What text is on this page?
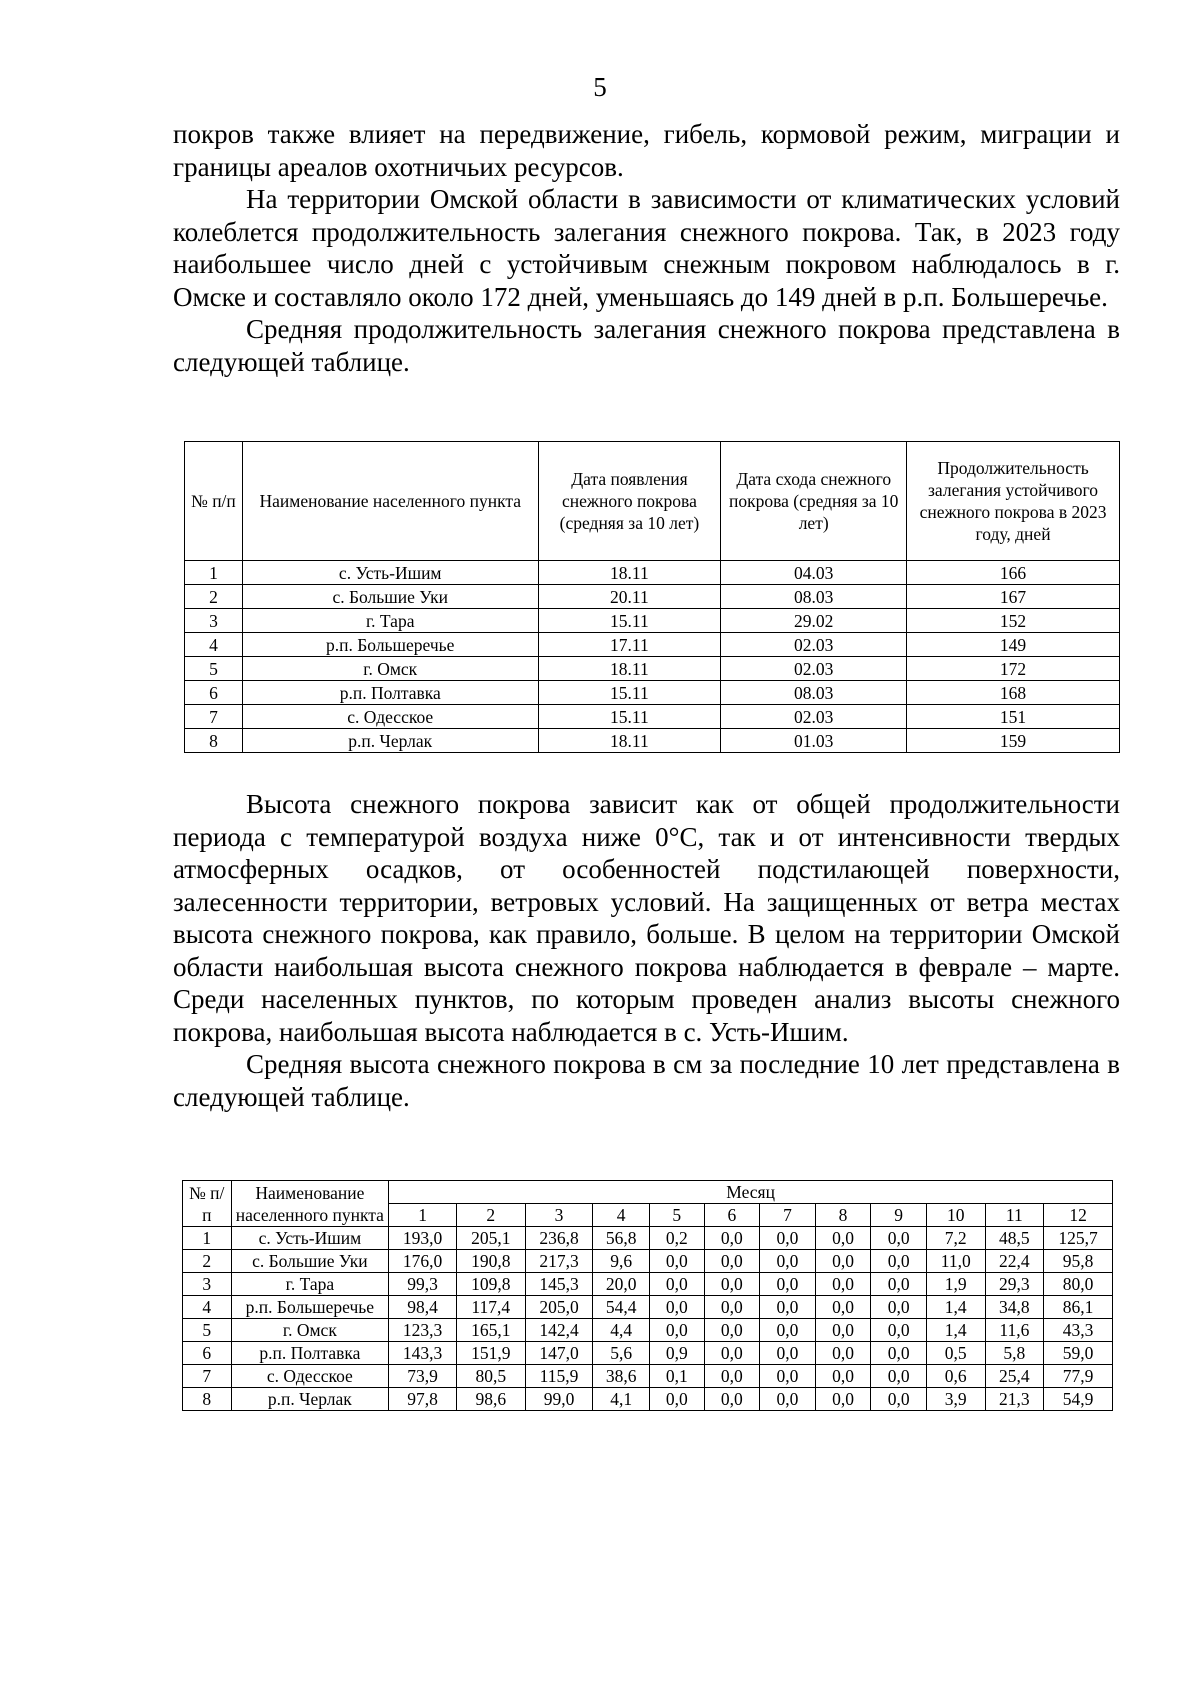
5

покров также влияет на передвижение, гибель, кормовой режим, миграции и границы ареалов охотничьих ресурсов.

На территории Омской области в зависимости от климатических условий колеблется продолжительность залегания снежного покрова. Так, в 2023 году наибольшее число дней с устойчивым снежным покровом наблюдалось в г. Омске и составляло около 172 дней, уменьшаясь до 149 дней в р.п. Большеречье.

Средняя продолжительность залегания снежного покрова представлена в следующей таблице.

№ п/п	Наименование населенного пункта	Дата появления снежного покрова (средняя за 10 лет)	Дата схода снежного покрова (средняя за 10 лет)	Продолжительность залегания устойчивого снежного покрова в 2023 году, дней
1	с. Усть-Ишим	18.11	04.03	166
2	с. Большие Уки	20.11	08.03	167
3	г. Тара	15.11	29.02	152
4	р.п. Большеречье	17.11	02.03	149
5	г. Омск	18.11	02.03	172
6	р.п. Полтавка	15.11	08.03	168
7	с. Одесское	15.11	02.03	151
8	р.п. Черлак	18.11	01.03	159

Высота снежного покрова зависит как от общей продолжительности периода с температурой воздуха ниже 0°С, так и от интенсивности твердых атмосферных осадков, от особенностей подстилающей поверхности, залесенности территории, ветровых условий. На защищенных от ветра местах высота снежного покрова, как правило, больше. В целом на территории Омской области наибольшая высота снежного покрова наблюдается в феврале – марте. Среди населенных пунктов, по которым проведен анализ высоты снежного покрова, наибольшая высота наблюдается в с. Усть-Ишим.

Средняя высота снежного покрова в см за последние 10 лет представлена в следующей таблице.

№ п/п	Наименование населенного пункта	Месяц											
		1	2	3	4	5	6	7	8	9	10	11	12
1	с. Усть-Ишим	193,0	205,1	236,8	56,8	0,2	0,0	0,0	0,0	0,0	7,2	48,5	125,7
2	с. Большие Уки	176,0	190,8	217,3	9,6	0,0	0,0	0,0	0,0	0,0	11,0	22,4	95,8
3	г. Тара	99,3	109,8	145,3	20,0	0,0	0,0	0,0	0,0	0,0	1,9	29,3	80,0
4	р.п. Большеречье	98,4	117,4	205,0	54,4	0,0	0,0	0,0	0,0	0,0	1,4	34,8	86,1
5	г. Омск	123,3	165,1	142,4	4,4	0,0	0,0	0,0	0,0	0,0	1,4	11,6	43,3
6	р.п. Полтавка	143,3	151,9	147,0	5,6	0,9	0,0	0,0	0,0	0,0	0,5	5,8	59,0
7	с. Одесское	73,9	80,5	115,9	38,6	0,1	0,0	0,0	0,0	0,0	0,6	25,4	77,9
8	р.п. Черлак	97,8	98,6	99,0	4,1	0,0	0,0	0,0	0,0	0,0	3,9	21,3	54,9
